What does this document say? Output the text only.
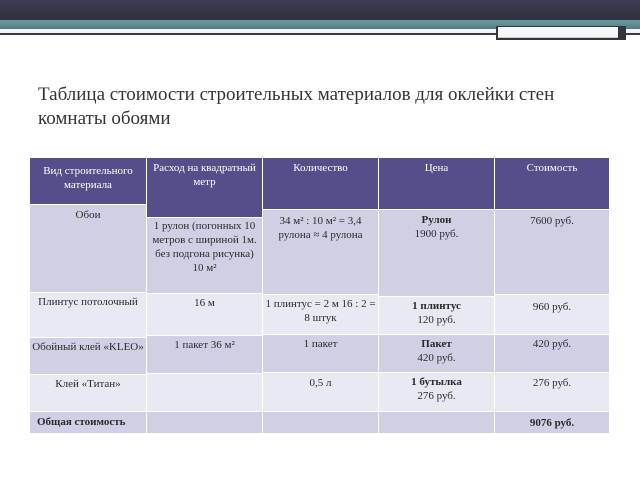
Таблица стоимости строительных материалов для оклейки стен комнаты обоями
Вид строительного материала
Обои
Плинтус потолочный
Обойный клей «KLEO»
Клей «Титан»
Общая стоимость
Расход на квадратный метр
1 рулон (погонных 10 метров с шириной 1м. без подгона рисунка) 10 м²
16 м
1 пакет 36 м²
Количество
34 м² : 10 м² = 3,4 рулона ≈ 4 рулона
1 плинтус = 2 м 16 : 2 = 8 штук
1 пакет
0,5 л
Цена
Рулон
1900 руб.
1 плинтус
120 руб.
Пакет
420 руб.
1 бутылка
276 руб.
Стоимость
7600 руб.
960 руб.
420 руб.
276 руб.
9076 руб.
